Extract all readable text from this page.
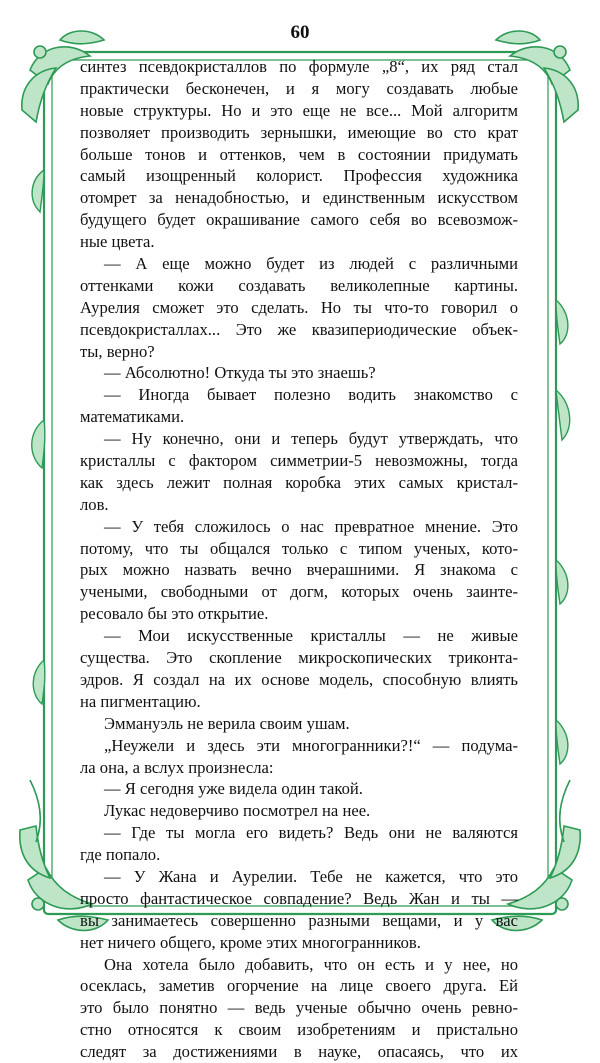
60
синтез псевдокристаллов по формуле „8“, их ряд стал
практически бесконечен, и я могу создавать любые
новые структуры. Но и это еще не все... Мой алгоритм
позволяет производить зернышки, имеющие во сто крат
больше тонов и оттенков, чем в состоянии придумать
самый изощренный колорист. Профессия художника
отомрет за ненадобностью, и единственным искусством
будущего будет окрашивание самого себя во всевозмож-
ные цвета.
— А еще можно будет из людей с различными
оттенками кожи создавать великолепные картины.
Аурелия сможет это сделать. Но ты что-то говорил о
псевдокристаллах... Это же квазипериодические объек-
ты, верно?
— Абсолютно! Откуда ты это знаешь?
— Иногда бывает полезно водить знакомство с
математиками.
— Ну конечно, они и теперь будут утверждать, что
кристаллы с фактором симметрии-5 невозможны, тогда
как здесь лежит полная коробка этих самых кристал-
лов.
— У тебя сложилось о нас превратное мнение. Это
потому, что ты общался только с типом ученых, кото-
рых можно назвать вечно вчерашними. Я знакома с
учеными, свободными от догм, которых очень заинте-
ресовало бы это открытие.
— Мои искусственные кристаллы — не живые
существа. Это скопление микроскопических триконта-
эдров. Я создал на их основе модель, способную влиять
на пигментацию.
Эммануэль не верила своим ушам.
„Неужели и здесь эти многогранники?!“ — подума-
ла она, а вслух произнесла:
— Я сегодня уже видела один такой.
Лукас недоверчиво посмотрел на нее.
— Где ты могла его видеть? Ведь они не валяются
где попало.
— У Жана и Аурелии. Тебе не кажется, что это
просто фантастическое совпадение? Ведь Жан и ты —
вы занимаетесь совершенно разными вещами, и у вас
нет ничего общего, кроме этих многогранников.
Она хотела было добавить, что он есть и у нее, но
осеклась, заметив огорчение на лице своего друга. Ей
это было понятно — ведь ученые обычно очень ревно-
стно относятся к своим изобретениям и пристально
следят за достижениями в науке, опасаясь, что их
